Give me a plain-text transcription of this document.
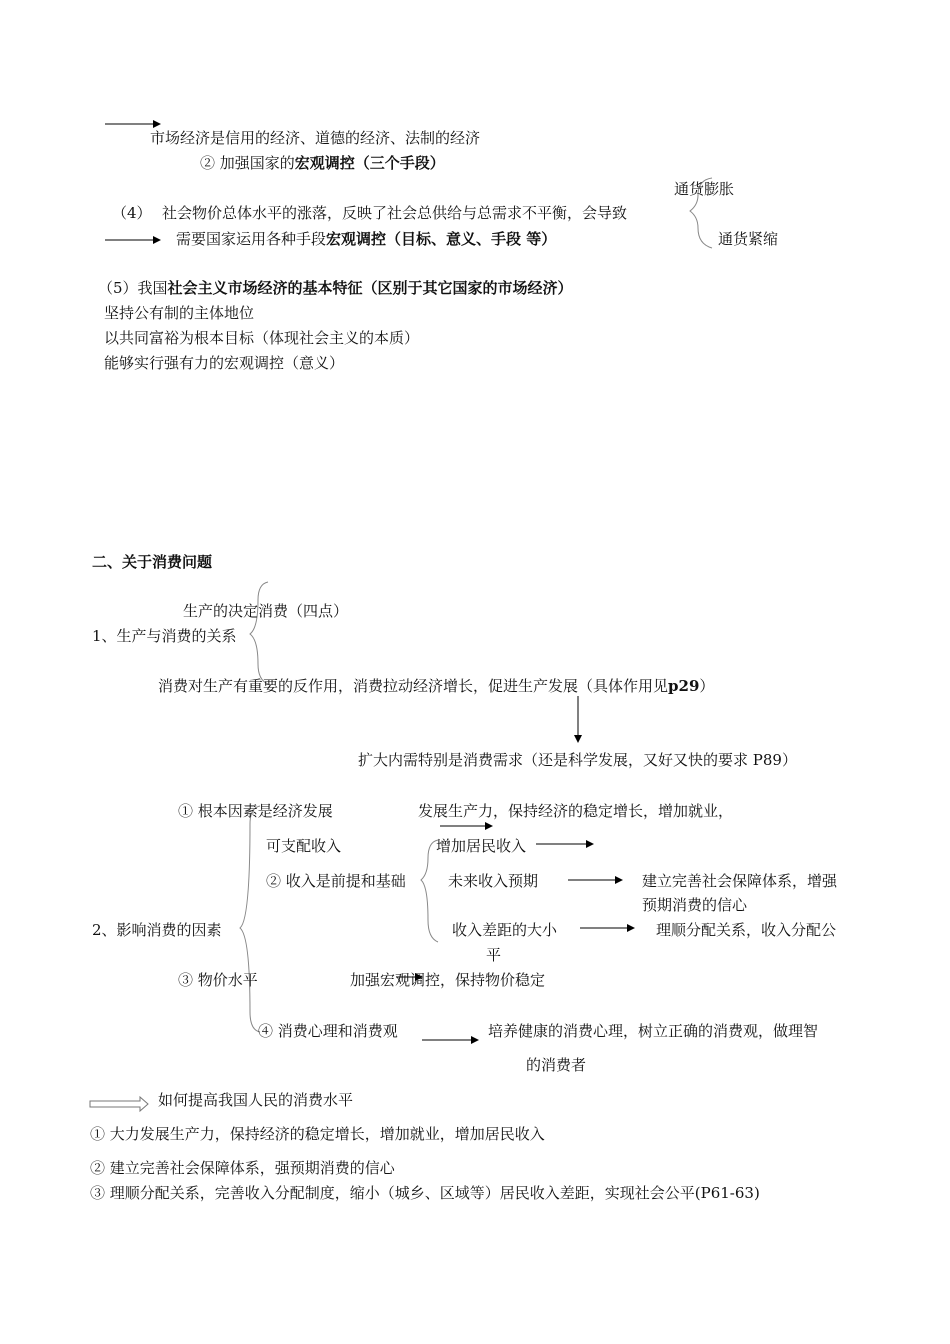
市场经济是信用的经济、道德的经济、法制的经济
② 加强国家的宏观调控（三个手段）
通货膨胀
（4） 社会物价总体水平的涨落，反映了社会总供给与总需求不平衡，会导致
通货紧缩
需要国家运用各种手段宏观调控（目标、意义、手段 等）
（5）我国社会主义市场经济的基本特征（区别于其它国家的市场经济）
坚持公有制的主体地位
以共同富裕为根本目标（体现社会主义的本质）
能够实行强有力的宏观调控（意义）
二、关于消费问题
生产的决定消费（四点）
1、生产与消费的关系
消费对生产有重要的反作用，消费拉动经济增长，促进生产发展（具体作用见p29）
扩大内需特别是消费需求（还是科学发展，又好又快的要求 P89）
① 根本因素是经济发展	发展生产力，保持经济的稳定增长，增加就业，
可支配收入	增加居民收入
② 收入是前提和基础	未来收入预期	建立完善社会保障体系，增强
预期消费的信心
2、影响消费的因素	收入差距的大小
平
理顺分配关系，收入分配公
③ 物价水平	加强宏观调控，保持物价稳定
④ 消费心理和消费观	培养健康的消费心理，树立正确的消费观，做理智
的消费者
如何提高我国人民的消费水平
① 大力发展生产力，保持经济的稳定增长，增加就业，增加居民收入
② 建立完善社会保障体系，强预期消费的信心
③ 理顺分配关系，完善收入分配制度，缩小（城乡、区域等）居民收入差距，实现社会公平(P61-63)
